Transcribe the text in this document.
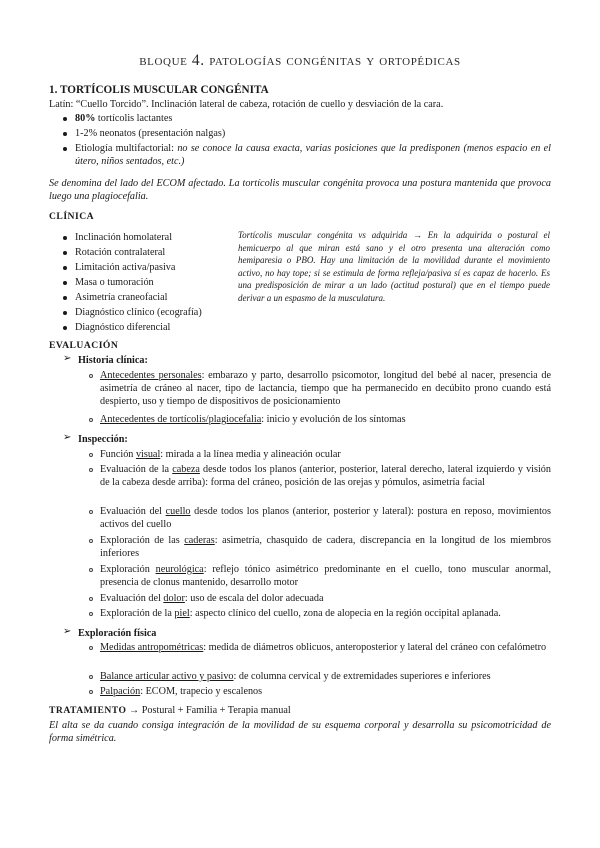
bloque 4. patologías congénitas y ortopédicas
1. TORTÍCOLIS MUSCULAR CONGÉNITA
Latín: “Cuello Torcido”. Inclinación lateral de cabeza, rotación de cuello y desviación de la cara.
80% tortícolis lactantes
1-2% neonatos (presentación nalgas)
Etiología multifactorial: no se conoce la causa exacta, varias posiciones que la predisponen (menos espacio en el útero, niños sentados, etc.)
Se denomina del lado del ECOM afectado. La tortícolis muscular congénita provoca una postura mantenida que provoca luego una plagiocefalia.
CLÍNICA
Inclinación homolateral
Rotación contralateral
Limitación activa/pasiva
Masa o tumoración
Asimetría craneofacial
Diagnóstico clínico (ecografía)
Diagnóstico diferencial
Tortícolis muscular congénita vs adquirida → En la adquirida o postural el hemicuerpo al que miran está sano y el otro presenta una alteración como hemiparesia o PBO. Hay una limitación de la movilidad durante el movimiento activo, no hay tope; si se estimula de forma refleja/pasiva sí es capaz de hacerlo. Es una predisposición de mirar a un lado (actitud postural) que en el tiempo puede derivar a un espasmo de la musculatura.
EVALUACIÓN
➢ Historia clínica:
Antecedentes personales: embarazo y parto, desarrollo psicomotor, longitud del bebé al nacer, presencia de asimetría de cráneo al nacer, tipo de lactancia, tiempo que ha permanecido en decúbito prono cuando está despierto, uso y tiempo de dispositivos de posicionamiento
Antecedentes de tortícolis/plagiocefalia: inicio y evolución de los síntomas
➢ Inspección:
Función visual: mirada a la línea media y alineación ocular
Evaluación de la cabeza desde todos los planos (anterior, posterior, lateral derecho, lateral izquierdo y visión de la cabeza desde arriba): forma del cráneo, posición de las orejas y pómulos, asimetría facial
Evaluación del cuello desde todos los planos (anterior, posterior y lateral): postura en reposo, movimientos activos del cuello
Exploración de las caderas: asimetría, chasquido de cadera, discrepancia en la longitud de los miembros inferiores
Exploración neurológica: reflejo tónico asimétrico predominante en el cuello, tono muscular anormal, presencia de clonus mantenido, desarrollo motor
Evaluación del dolor: uso de escala del dolor adecuada
Exploración de la piel: aspecto clínico del cuello, zona de alopecia en la región occipital aplanada.
➢ Exploración física
Medidas antropométricas: medida de diámetros oblicuos, anteroposterior y lateral del cráneo con cefalómetro
Balance articular activo y pasivo: de columna cervical y de extremidades superiores e inferiores
Palpación: ECOM, trapecio y escalenos
TRATAMIENTO → Postural + Familia + Terapia manual
El alta se da cuando consiga integración de la movilidad de su esquema corporal y desarrolla su psicomotricidad de forma simétrica.
